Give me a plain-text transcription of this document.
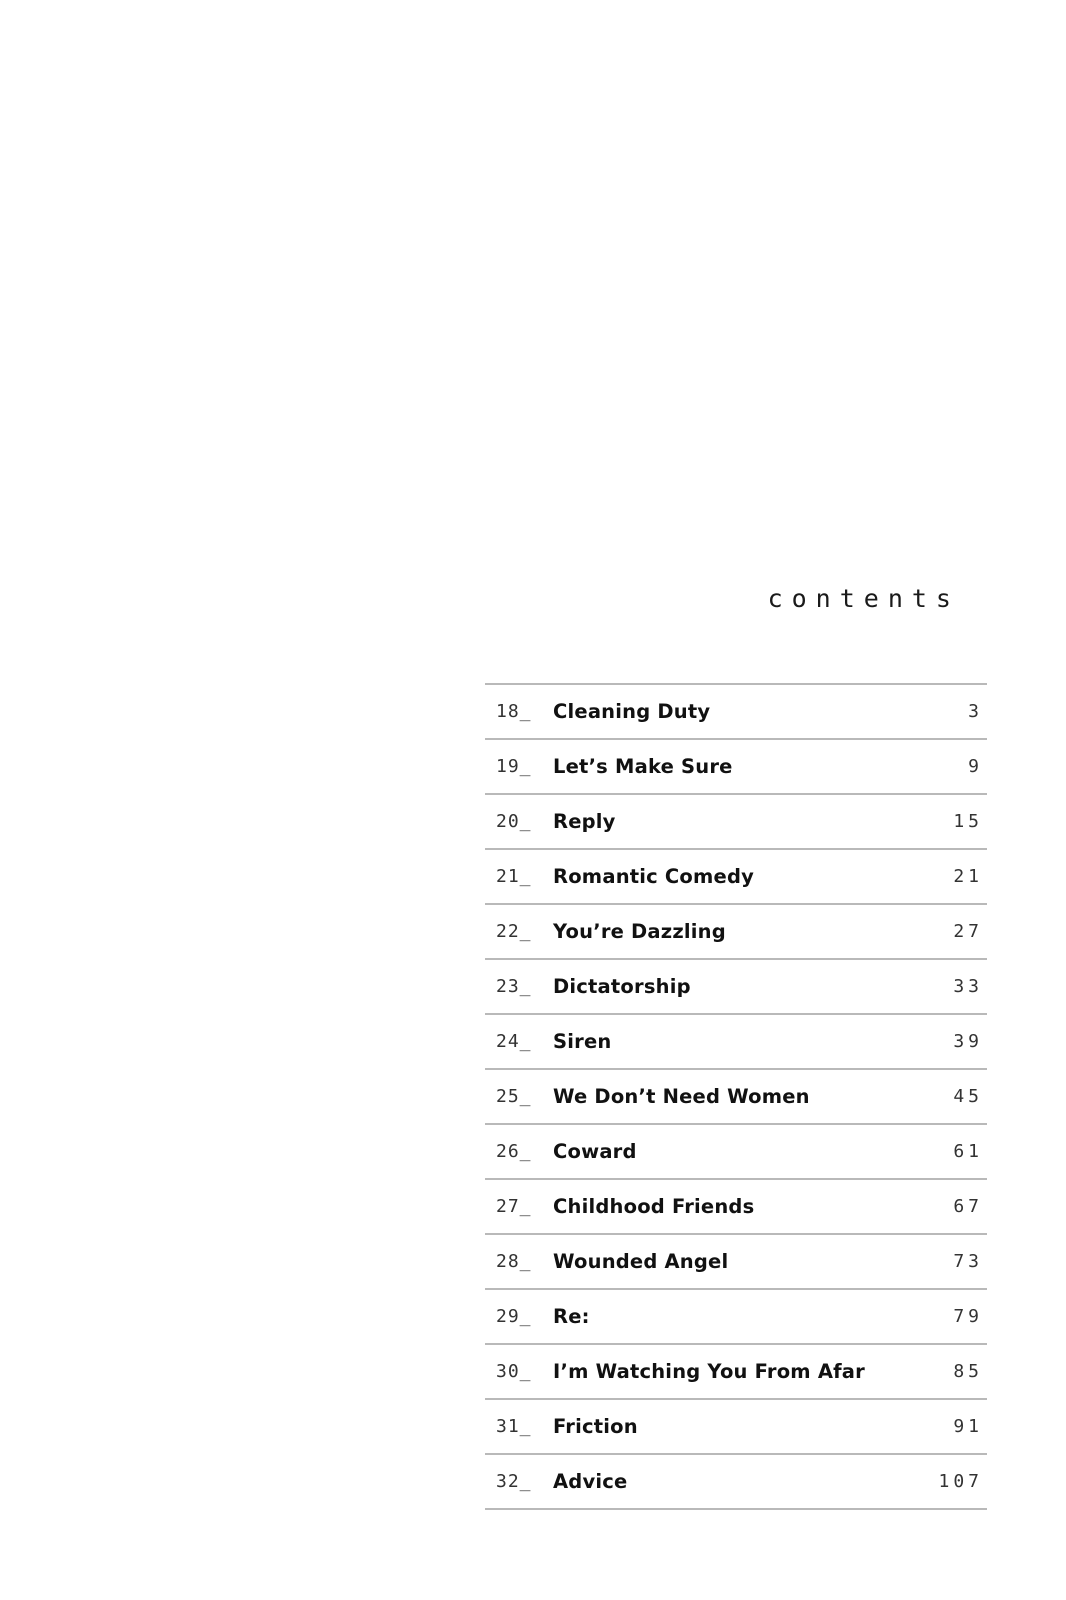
contents
18_	Cleaning Duty	3
19_	Let’s Make Sure	9
20_	Reply	15
21_	Romantic Comedy	21
22_	You’re Dazzling	27
23_	Dictatorship	33
24_	Siren	39
25_	We Don’t Need Women	45
26_	Coward	61
27_	Childhood Friends	67
28_	Wounded Angel	73
29_	Re:	79
30_	I’m Watching You From Afar	85
31_	Friction	91
32_	Advice	107
